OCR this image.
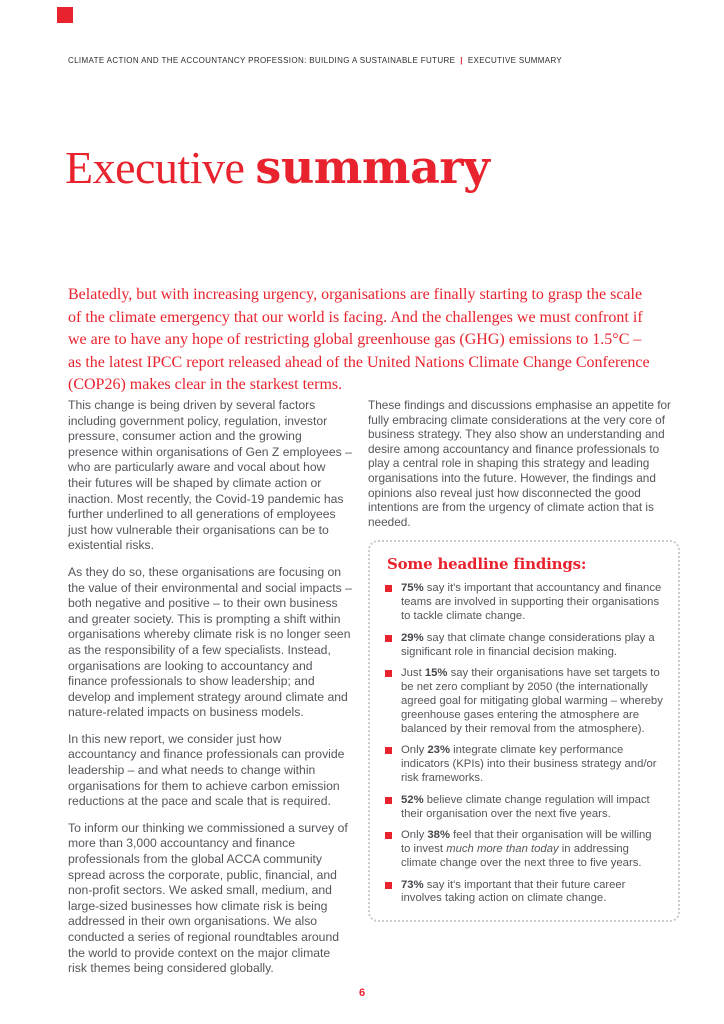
CLIMATE ACTION AND THE ACCOUNTANCY PROFESSION: BUILDING A SUSTAINABLE FUTURE | EXECUTIVE SUMMARY
Executive summary

Belatedly, but with increasing urgency, organisations are finally starting to grasp the scale of the climate emergency that our world is facing. And the challenges we must confront if we are to have any hope of restricting global greenhouse gas (GHG) emissions to 1.5°C – as the latest IPCC report released ahead of the United Nations Climate Change Conference (COP26) makes clear in the starkest terms.

This change is being driven by several factors including government policy, regulation, investor pressure, consumer action and the growing presence within organisations of Gen Z employees – who are particularly aware and vocal about how their futures will be shaped by climate action or inaction. Most recently, the Covid-19 pandemic has further underlined to all generations of employees just how vulnerable their organisations can be to existential risks.

As they do so, these organisations are focusing on the value of their environmental and social impacts – both negative and positive – to their own business and greater society. This is prompting a shift within organisations whereby climate risk is no longer seen as the responsibility of a few specialists. Instead, organisations are looking to accountancy and finance professionals to show leadership; and develop and implement strategy around climate and nature-related impacts on business models.

In this new report, we consider just how accountancy and finance professionals can provide leadership – and what needs to change within organisations for them to achieve carbon emission reductions at the pace and scale that is required.

To inform our thinking we commissioned a survey of more than 3,000 accountancy and finance professionals from the global ACCA community spread across the corporate, public, financial, and non-profit sectors. We asked small, medium, and large-sized businesses how climate risk is being addressed in their own organisations. We also conducted a series of regional roundtables around the world to provide context on the major climate risk themes being considered globally.

These findings and discussions emphasise an appetite for fully embracing climate considerations at the very core of business strategy. They also show an understanding and desire among accountancy and finance professionals to play a central role in shaping this strategy and leading organisations into the future. However, the findings and opinions also reveal just how disconnected the good intentions are from the urgency of climate action that is needed.

Some headline findings:
75% say it's important that accountancy and finance teams are involved in supporting their organisations to tackle climate change.
29% say that climate change considerations play a significant role in financial decision making.
Just 15% say their organisations have set targets to be net zero compliant by 2050 (the internationally agreed goal for mitigating global warming – whereby greenhouse gases entering the atmosphere are balanced by their removal from the atmosphere).
Only 23% integrate climate key performance indicators (KPIs) into their business strategy and/or risk frameworks.
52% believe climate change regulation will impact their organisation over the next five years.
Only 38% feel that their organisation will be willing to invest much more than today in addressing climate change over the next three to five years.
73% say it's important that their future career involves taking action on climate change.
6
